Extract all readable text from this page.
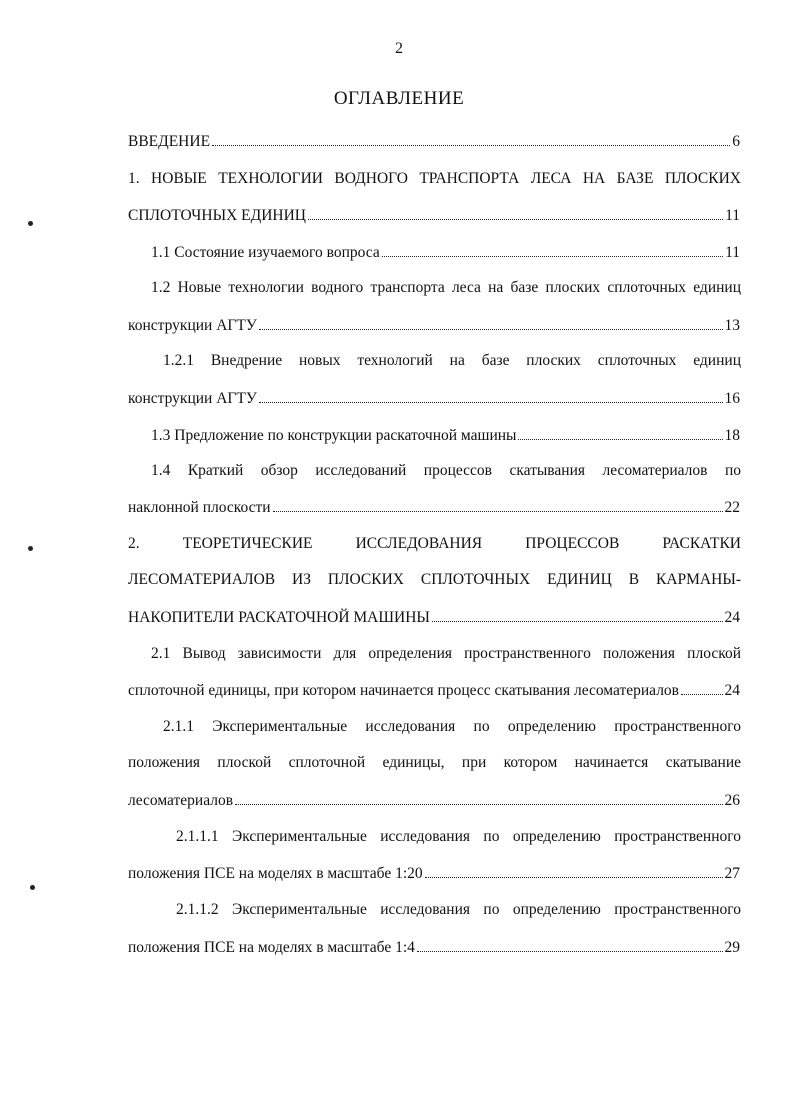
2
ОГЛАВЛЕНИЕ
ВВЕДЕНИЕ	6
1. НОВЫЕ ТЕХНОЛОГИИ ВОДНОГО ТРАНСПОРТА ЛЕСА НА БАЗЕ ПЛОСКИХ
СПЛОТОЧНЫХ ЕДИНИЦ	11
1.1 Состояние изучаемого вопроса	11
1.2 Новые технологии водного транспорта леса на базе плоских сплоточных единиц
конструкции АГТУ	13
1.2.1 Внедрение новых технологий на базе плоских сплоточных единиц
конструкции АГТУ	16
1.3 Предложение по конструкции раскаточной машины	18
1.4 Краткий обзор исследований процессов скатывания лесоматериалов по
наклонной плоскости	22
2. ТЕОРЕТИЧЕСКИЕ ИССЛЕДОВАНИЯ ПРОЦЕССОВ РАСКАТКИ
ЛЕСОМАТЕРИАЛОВ ИЗ ПЛОСКИХ СПЛОТОЧНЫХ ЕДИНИЦ В КАРМАНЫ-
НАКОПИТЕЛИ РАСКАТОЧНОЙ МАШИНЫ	24
2.1 Вывод зависимости для определения пространственного положения плоской
сплоточной единицы, при котором начинается процесс скатывания лесоматериалов	24
2.1.1 Экспериментальные исследования по определению пространственного
положения плоской сплоточной единицы, при котором начинается скатывание
лесоматериалов	26
2.1.1.1 Экспериментальные исследования по определению пространственного
положения ПСЕ на моделях в масштабе 1:20	27
2.1.1.2 Экспериментальные исследования по определению пространственного
положения ПСЕ на моделях в масштабе 1:4	29
